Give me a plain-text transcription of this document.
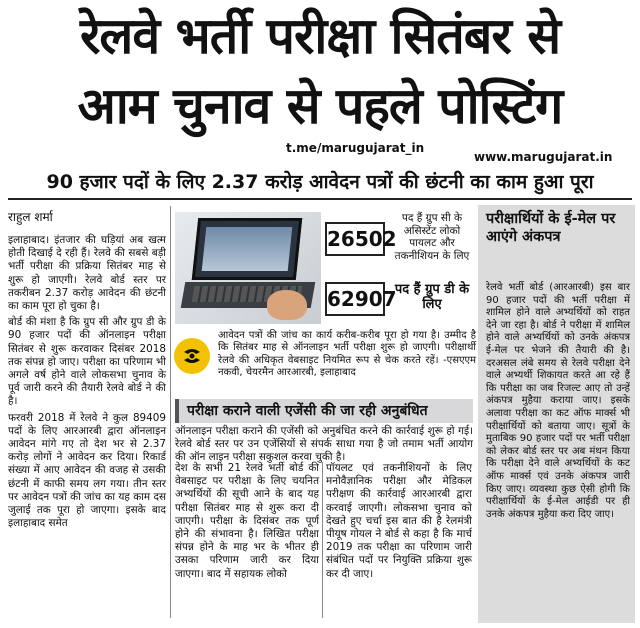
रेलवे भर्ती परीक्षा सितंबर से
आम चुनाव से पहले पोस्टिंग
t.me/marugujarat_in
www.marugujarat.in
90 हजार पदों के लिए 2.37 करोड़ आवेदन पत्रों की छंटनी का काम हुआ पूरा
राहुल शर्मा

इलाहाबाद। इंतजार की घड़ियां अब खत्म होती दिखाई दे रही हैं। रेलवे की सबसे बड़ी भर्ती परीक्षा की प्रक्रिया सितंबर माह से शुरू हो जाएगी। रेलवे बोर्ड स्तर पर तकरीबन 2.37 करोड़ आवेदन की छंटनी का काम पूरा हो चुका है।

बोर्ड की मंशा है कि ग्रुप सी और ग्रुप डी के 90 हजार पदों की ऑनलाइन परीक्षा सितंबर से शुरू करवाकर दिसंबर 2018 तक संपन्न हो जाए। परीक्षा का परिणाम भी अगले वर्ष होने वाले लोकसभा चुनाव के पूर्व जारी करने की तैयारी रेलवे बोर्ड ने की है।

फरवरी 2018 में रेलवे ने कुल 89409 पदों के लिए आरआरबी द्वारा ऑनलाइन आवेदन मांगे गए तो देश भर से 2.37 करोड़ लोगों ने आवेदन कर दिया। रिकार्ड संख्या में आए आवेदन की वजह से उसकी छंटनी में काफी समय लग गया। तीन स्तर पर आवेदन पत्रों की जांच का यह काम दस जुलाई तक पूरा हो जाएगा। इसके बाद इलाहाबाद समेत

26502
पद हैं ग्रुप सी के असिस्टेंट लोको पायलट और तकनीशियन के लिए
62907
पद हैं ग्रुप डी के लिए
आवेदन पत्रों की जांच का कार्य करीब-करीब पूरा हो गया है। उम्मीद है कि सितंबर माह से ऑनलाइन भर्ती परीक्षा शुरू हो जाएगी। परीक्षार्थी रेलवे की अधिकृत वेबसाइट नियमित रूप से चेक करते रहें। -एसएएम नकवी, चेयरमैन आरआरबी, इलाहाबाद
परीक्षा कराने वाली एजेंसी की जा रही अनुबंधित
ऑनलाइन परीक्षा कराने की एजेंसी को अनुबंधित करने की कार्रवाई शुरू हो गई। रेलवे बोर्ड स्तर पर उन एजेंसियों से संपर्क साधा गया है जो तमाम भर्ती आयोग की ऑन लाइन परीक्षा सकुशल करवा चुकी है।
देश के सभी 21 रेलवे भर्ती बोर्ड की वेबसाइट पर परीक्षा के लिए चयनित अभ्यर्थियों की सूची आने के बाद यह परीक्षा सितंबर माह से शुरू करा दी जाएगी। परीक्षा के दिसंबर तक पूर्ण होने की संभावना है। लिखित परीक्षा संपन्न होने के माह भर के भीतर ही उसका परिणाम जारी कर दिया जाएगा। बाद में सहायक लोको
पॉयलट एवं तकनीशियनों के लिए मनोवैज्ञानिक परीक्षा और मेडिकल परीक्षण की कार्रवाई आरआरबी द्वारा करवाई जाएगी। लोकसभा चुनाव को देखते हुए चर्चा इस बात की है रेलमंत्री पीयूष गोयल ने बोर्ड से कहा है कि मार्च 2019 तक परीक्षा का परिणाम जारी संबंधित पदों पर नियुक्ति प्रक्रिया शुरू कर दी जाए।
परीक्षार्थियों के ई-मेल पर आएंगे अंकपत्र
रेलवे भर्ती बोर्ड (आरआरबी) इस बार 90 हजार पदों की भर्ती परीक्षा में शामिल होने वाले अभ्यर्थियों को राहत देने जा रहा है। बोर्ड ने परीक्षा में शामिल होने वाले अभ्यर्थियों को उनके अंकपत्र ई-मेल पर भेजने की तैयारी की है। दरअसल लंबे समय से रेलवे परीक्षा देने वाले अभ्यर्थी शिकायत करते आ रहे हैं कि परीक्षा का जब रिजल्ट आए तो उन्हें अंकपत्र मुहैया कराया जाए। इसके अलावा परीक्षा का कट ऑफ मार्क्स भी परीक्षार्थियों को बताया जाए। सूत्रों के मुताबिक 90 हजार पदों पर भर्ती परीक्षा को लेकर बोर्ड स्तर पर अब मंथन किया कि परीक्षा देने वाले अभ्यर्थियों के कट ऑफ मार्क्स एवं उनके अंकपत्र जारी किए जाए। व्यवस्था कुछ ऐसी होगी कि परीक्षार्थियों के ई-मेल आईडी पर ही उनके अंकपत्र मुहैया करा दिए जाए।
